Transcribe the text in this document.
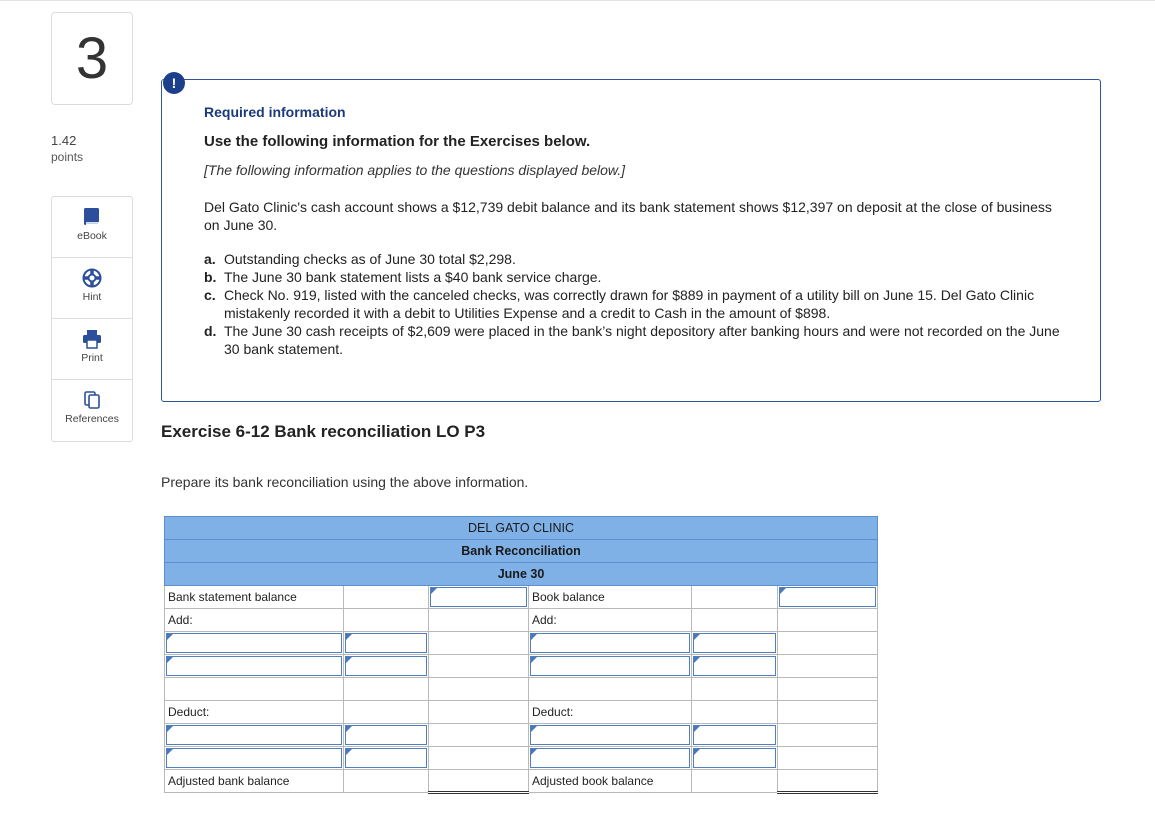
3
1.42
points
eBook
Hint
Print
References
!
Required information
Use the following information for the Exercises below.
[The following information applies to the questions displayed below.]
Del Gato Clinic's cash account shows a $12,739 debit balance and its bank statement shows $12,397 on deposit at the close of business on June 30.
a. Outstanding checks as of June 30 total $2,298.
b. The June 30 bank statement lists a $40 bank service charge.
c. Check No. 919, listed with the canceled checks, was correctly drawn for $889 in payment of a utility bill on June 15. Del Gato Clinic mistakenly recorded it with a debit to Utilities Expense and a credit to Cash in the amount of $898.
d. The June 30 cash receipts of $2,609 were placed in the bank’s night depository after banking hours and were not recorded on the June 30 bank statement.
Exercise 6-12 Bank reconciliation LO P3
Prepare its bank reconciliation using the above information.
DEL GATO CLINIC					
Bank Reconciliation					
June 30					
Bank statement balance			Book balance		

Add:			Add:		

Deduct:			Deduct:		

Adjusted bank balance			Adjusted book balance		
